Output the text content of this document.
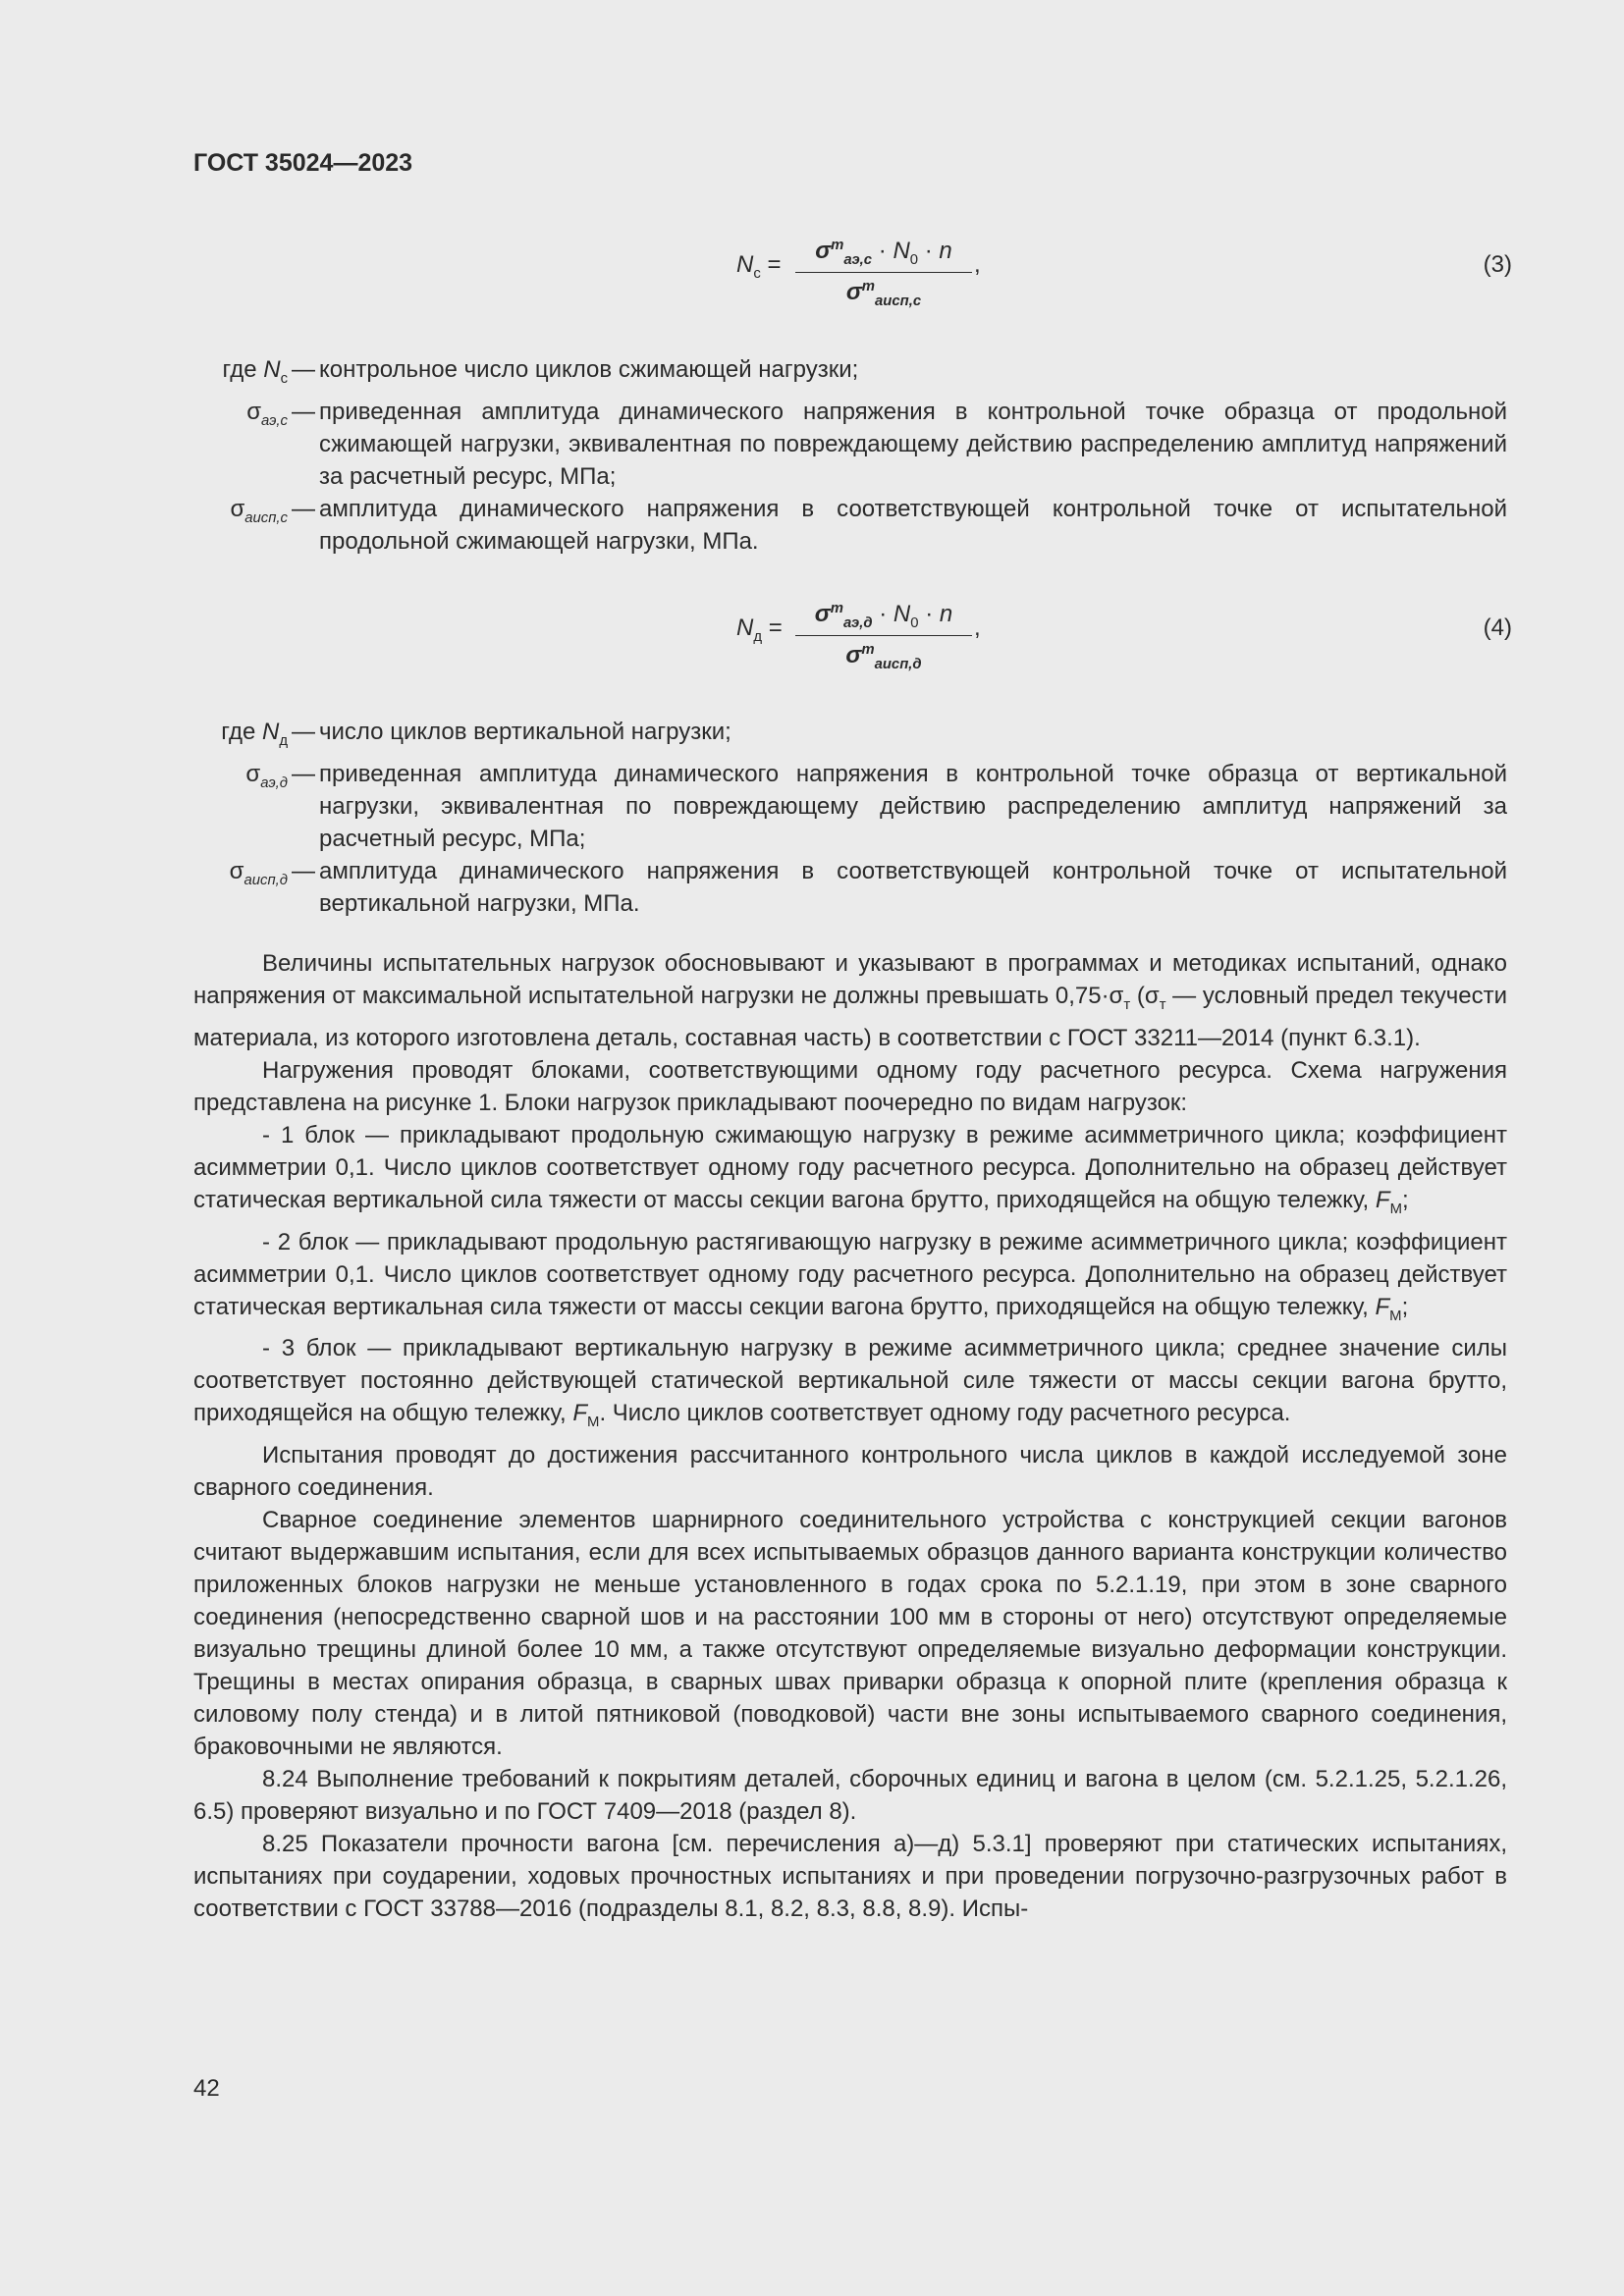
ГОСТ 35024—2023
$N_с$ =
$\sigma^m_{аэ,с} \cdot N_0 \cdot n$
$\sigma^m_{аисп,с}$
,	(3)
где $N_с$ — контрольное число циклов сжимающей нагрузки;
$\sigma_{аэ,с}$ — приведенная амплитуда динамического напряжения в контрольной точке образца от продольной сжимающей нагрузки, эквивалентная по повреждающему действию распределению амплитуд напряжений за расчетный ресурс, МПа;
$\sigma_{аисп,с}$ — амплитуда динамического напряжения в соответствующей контрольной точке от испытательной продольной сжимающей нагрузки, МПа.
$N_д$ =
$\sigma^m_{аэ,д} \cdot N_0 \cdot n$
$\sigma^m_{аисп,д}$
,	(4)
где $N_д$ — число циклов вертикальной нагрузки;
$\sigma_{аэ,д}$ — приведенная амплитуда динамического напряжения в контрольной точке образца от вертикальной нагрузки, эквивалентная по повреждающему действию распределению амплитуд напряжений за расчетный ресурс, МПа;
$\sigma_{аисп,д}$ — амплитуда динамического напряжения в соответствующей контрольной точке от испытательной вертикальной нагрузки, МПа.

Величины испытательных нагрузок обосновывают и указывают в программах и методиках испытаний, однако напряжения от максимальной испытательной нагрузки не должны превышать $0,75\cdot\sigma_т$ ($\sigma_т$ — условный предел текучести материала, из которого изготовлена деталь, составная часть) в соответствии с ГОСТ 33211—2014 (пункт 6.3.1).

Нагружения проводят блоками, соответствующими одному году расчетного ресурса. Схема нагружения представлена на рисунке 1. Блоки нагрузок прикладывают поочередно по видам нагрузок:

- 1 блок — прикладывают продольную сжимающую нагрузку в режиме асимметричного цикла; коэффициент асимметрии 0,1. Число циклов соответствует одному году расчетного ресурса. Дополнительно на образец действует статическая вертикальной сила тяжести от массы секции вагона брутто, приходящейся на общую тележку, $F_M$;

- 2 блок — прикладывают продольную растягивающую нагрузку в режиме асимметричного цикла; коэффициент асимметрии 0,1. Число циклов соответствует одному году расчетного ресурса. Дополнительно на образец действует статическая вертикальная сила тяжести от массы секции вагона брутто, приходящейся на общую тележку, $F_M$;

- 3 блок — прикладывают вертикальную нагрузку в режиме асимметричного цикла; среднее значение силы соответствует постоянно действующей статической вертикальной силе тяжести от массы секции вагона брутто, приходящейся на общую тележку, $F_M$. Число циклов соответствует одному году расчетного ресурса.

Испытания проводят до достижения рассчитанного контрольного числа циклов в каждой исследуемой зоне сварного соединения.

Сварное соединение элементов шарнирного соединительного устройства с конструкцией секции вагонов считают выдержавшим испытания, если для всех испытываемых образцов данного варианта конструкции количество приложенных блоков нагрузки не меньше установленного в годах срока по 5.2.1.19, при этом в зоне сварного соединения (непосредственно сварной шов и на расстоянии 100 мм в стороны от него) отсутствуют определяемые визуально трещины длиной более 10 мм, а также отсутствуют определяемые визуально деформации конструкции. Трещины в местах опирания образца, в сварных швах приварки образца к опорной плите (крепления образца к силовому полу стенда) и в литой пятниковой (поводковой) части вне зоны испытываемого сварного соединения, браковочными не являются.

8.24 Выполнение требований к покрытиям деталей, сборочных единиц и вагона в целом (см. 5.2.1.25, 5.2.1.26, 6.5) проверяют визуально и по ГОСТ 7409—2018 (раздел 8).

8.25 Показатели прочности вагона [см. перечисления а)—д) 5.3.1] проверяют при статических испытаниях, испытаниях при соударении, ходовых прочностных испытаниях и при проведении погрузочно-разгрузочных работ в соответствии с ГОСТ 33788—2016 (подразделы 8.1, 8.2, 8.3, 8.8, 8.9). Испы-

42
